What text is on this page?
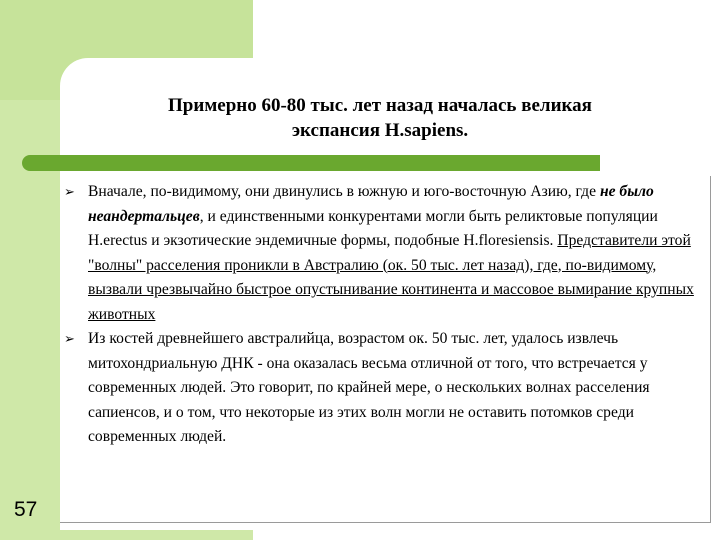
Примерно 60-80 тыс. лет назад началась великая
экспансия H.sapiens.

➢ Вначале, по-видимому, они двинулись в южную и юго-восточную Азию, где не было неандертальцев, и единственными конкурентами могли быть реликтовые популяции H.erectus и экзотические эндемичные формы, подобные H.floresiensis. Представители этой "волны" расселения проникли в Австралию (ок. 50 тыс. лет назад), где, по-видимому, вызвали чрезвычайно быстрое опустынивание континента и массовое вымирание крупных животных

➢ Из костей древнейшего австралийца, возрастом ок. 50 тыс. лет, удалось извлечь митохондриальную ДНК - она оказалась весьма отличной от того, что встречается у современных людей. Это говорит, по крайней мере, о нескольких волнах расселения сапиенсов, и о том, что некоторые из этих волн могли не оставить потомков среди современных людей.

57
